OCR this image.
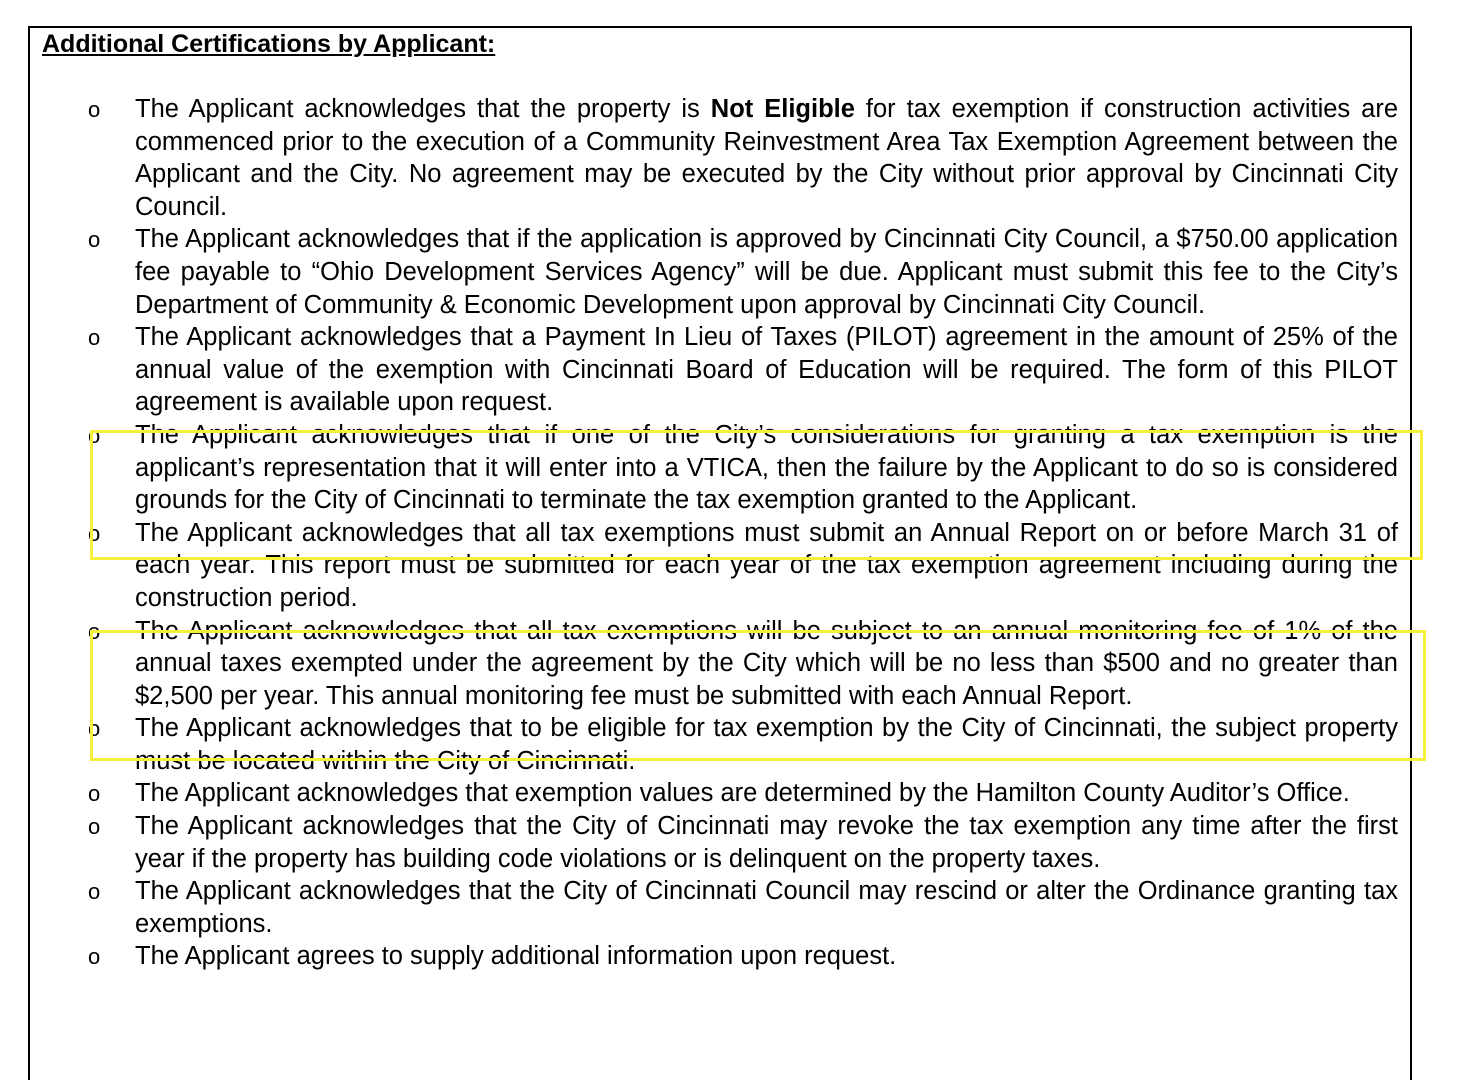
Additional Certifications by Applicant:
o The Applicant acknowledges that the property is Not Eligible for tax exemption if construction activities are commenced prior to the execution of a Community Reinvestment Area Tax Exemption Agreement between the Applicant and the City. No agreement may be executed by the City without prior approval by Cincinnati City Council.
o The Applicant acknowledges that if the application is approved by Cincinnati City Council, a $750.00 application fee payable to “Ohio Development Services Agency” will be due. Applicant must submit this fee to the City’s Department of Community & Economic Development upon approval by Cincinnati City Council.
o The Applicant acknowledges that a Payment In Lieu of Taxes (PILOT) agreement in the amount of 25% of the annual value of the exemption with Cincinnati Board of Education will be required. The form of this PILOT agreement is available upon request.
o The Applicant acknowledges that if one of the City’s considerations for granting a tax exemption is the applicant’s representation that it will enter into a VTICA, then the failure by the Applicant to do so is considered grounds for the City of Cincinnati to terminate the tax exemption granted to the Applicant.
o The Applicant acknowledges that all tax exemptions must submit an Annual Report on or before March 31 of each year. This report must be submitted for each year of the tax exemption agreement including during the construction period.
o The Applicant acknowledges that all tax exemptions will be subject to an annual monitoring fee of 1% of the annual taxes exempted under the agreement by the City which will be no less than $500 and no greater than $2,500 per year. This annual monitoring fee must be submitted with each Annual Report.
o The Applicant acknowledges that to be eligible for tax exemption by the City of Cincinnati, the subject property must be located within the City of Cincinnati.
o The Applicant acknowledges that exemption values are determined by the Hamilton County Auditor’s Office.
o The Applicant acknowledges that the City of Cincinnati may revoke the tax exemption any time after the first year if the property has building code violations or is delinquent on the property taxes.
o The Applicant acknowledges that the City of Cincinnati Council may rescind or alter the Ordinance granting tax exemptions.
o The Applicant agrees to supply additional information upon request.
